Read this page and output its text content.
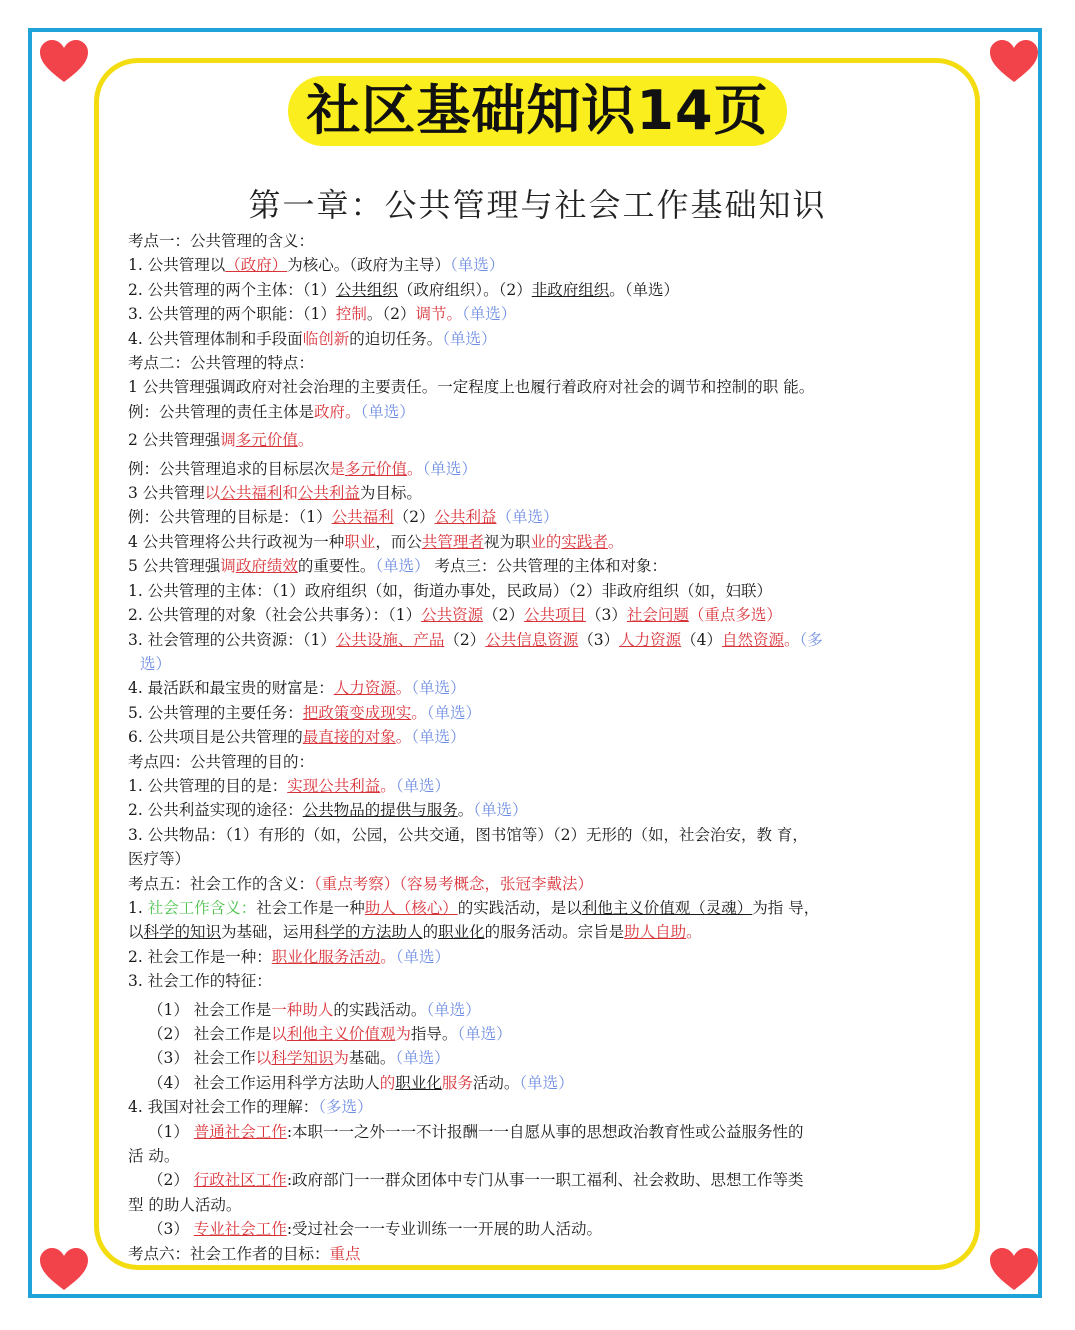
社区基础知识14页
第一章：公共管理与社会工作基础知识
考点一：公共管理的含义：
1. 公共管理以（政府）为核心。（政府为主导）（单选）
2. 公共管理的两个主体：（1）公共组织（政府组织）。（2）非政府组织。（单选）
3. 公共管理的两个职能：（1）控制。（2）调节。（单选）
4. 公共管理体制和手段面临创新的迫切任务。（单选）
考点二：公共管理的特点：
1 公共管理强调政府对社会治理的主要责任。一定程度上也履行着政府对社会的调节和控制的职 能。
例：公共管理的责任主体是政府。（单选）
2 公共管理强调多元价值。
例：公共管理追求的目标层次是多元价值。（单选）
3 公共管理以公共福利和公共利益为目标。
例：公共管理的目标是：（1）公共福利（2）公共利益（单选）
4 公共管理将公共行政视为一种职业，而公共管理者视为职业的实践者。
5 公共管理强调政府绩效的重要性。（单选） 考点三：公共管理的主体和对象：
1. 公共管理的主体：（1）政府组织（如，街道办事处，民政局）（2）非政府组织（如，妇联）
2. 公共管理的对象（社会公共事务）：（1）公共资源（2）公共项目（3）社会问题（重点多选）
3. 社会管理的公共资源：（1）公共设施、产品（2）公共信息资源（3）人力资源（4）自然资源。（多
选）
4. 最活跃和最宝贵的财富是：人力资源。（单选）
5. 公共管理的主要任务：把政策变成现实。（单选）
6. 公共项目是公共管理的最直接的对象。（单选）
考点四：公共管理的目的：
1. 公共管理的目的是：实现公共利益。（单选）
2. 公共利益实现的途径：公共物品的提供与服务。（单选）
3. 公共物品：（1）有形的（如，公园，公共交通，图书馆等）（2）无形的（如，社会治安，教 育，
医疗等）
考点五：社会工作的含义：（重点考察）（容易考概念，张冠李戴法）
1. 社会工作含义：社会工作是一种助人（核心）的实践活动，是以利他主义价值观（灵魂）为指 导，
以科学的知识为基础，运用科学的方法助人的职业化的服务活动。宗旨是助人自助。
2. 社会工作是一种：职业化服务活动。（单选）
3. 社会工作的特征：
（1） 社会工作是一种助人的实践活动。（单选）
（2） 社会工作是以利他主义价值观为指导。（单选）
（3） 社会工作以科学知识为基础。（单选）
（4） 社会工作运用科学方法助人的职业化服务活动。（单选）
4. 我国对社会工作的理解：（多选）
（1） 普通社会工作:本职一一之外一一不计报酬一一自愿从事的思想政治教育性或公益服务性的
活 动。
（2） 行政社区工作:政府部门一一群众团体中专门从事一一职工福利、社会救助、思想工作等类
型 的助人活动。
（3） 专业社会工作:受过社会一一专业训练一一开展的助人活动。
考点六：社会工作者的目标：重点
